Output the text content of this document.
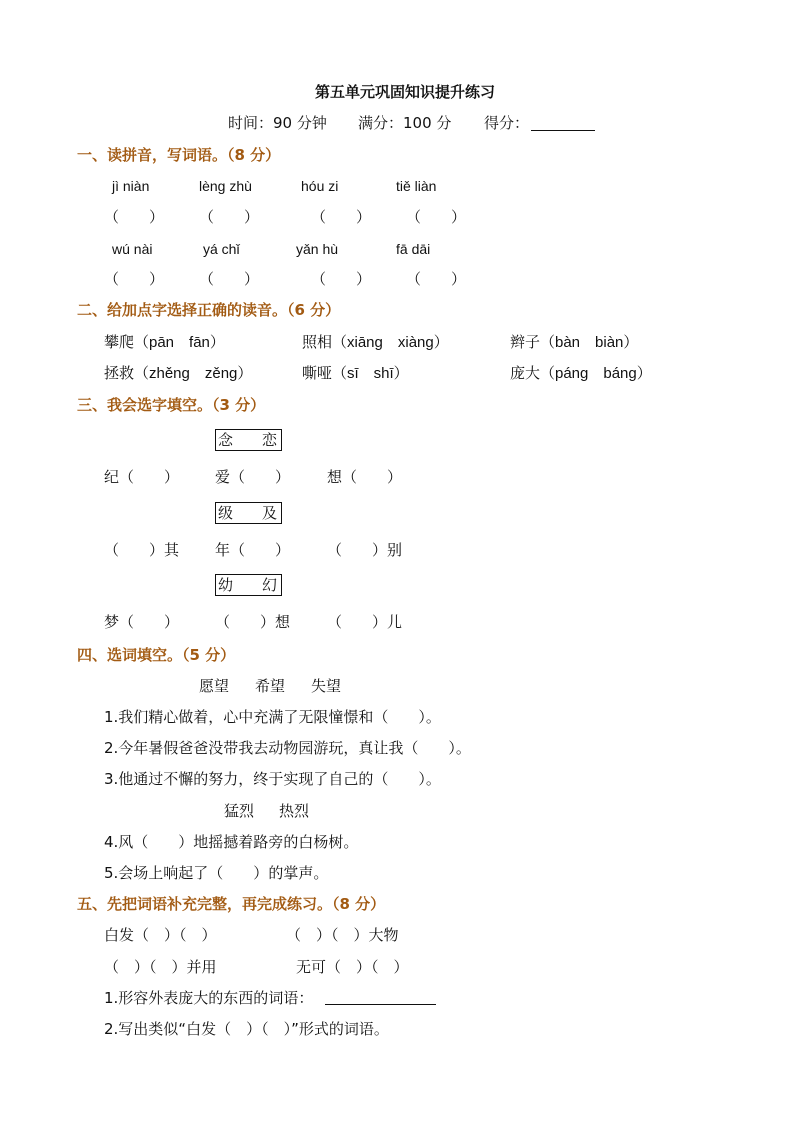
第五单元巩固知识提升练习
时间：90 分钟 满分：100 分 得分：
一、读拼音，写词语。（8 分）
jì niàn	lèng zhù	hóu zi	tiě liàn
（　　） （　　）	（　　） （　　）
wú nài	yá chǐ	yǎn hù	fā dāi
（　　） （　　）	（　　） （　　）
二、给加点字选择正确的读音。（6 分）
攀爬（pān　fān）	照相（xiāng　xiàng）	辫子（bàn　biàn）
拯救（zhěng　zěng）	嘶哑（sī　shī）	庞大（páng　báng）
三、我会选字填空。（3 分）
念 恋
纪（　　） 爱（　　） 想（　　）
级 及
（　　）其 年（　　） （　　）别
幼 幻
梦（　　） （　　）想 （　　）儿
四、选词填空。（5 分）
愿望 希望 失望
1.我们精心做着，心中充满了无限憧憬和（　　）。
2.今年暑假爸爸没带我去动物园游玩，真让我（　　）。
3.他通过不懈的努力，终于实现了自己的（　　）。
猛烈 热烈
4.风（　　）地摇撼着路旁的白杨树。
5.会场上响起了（　　）的掌声。
五、先把词语补充完整，再完成练习。（8 分）
白发（　）（　）	（　）（　）大物
（　）（　）并用	无可（　）（　）
1.形容外表庞大的东西的词语：
2.写出类似“白发（　）（　）”形式的词语。
